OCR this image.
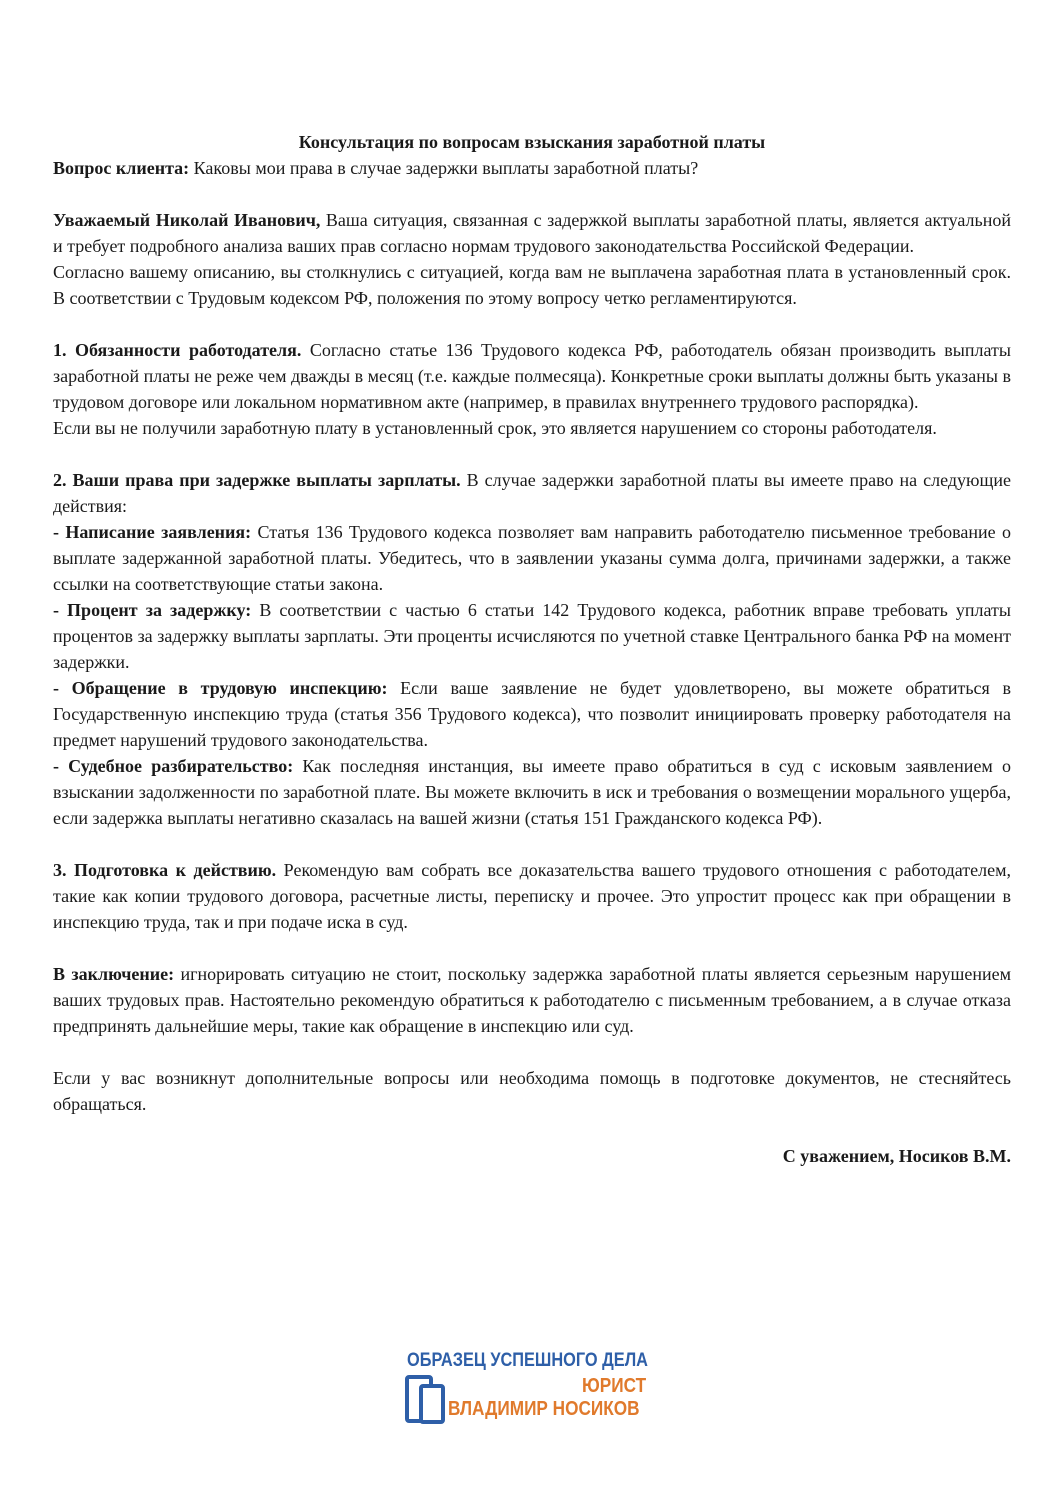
Консультация по вопросам взыскания заработной платы

Вопрос клиента: Каковы мои права в случае задержки выплаты заработной платы?

Уважаемый Николай Иванович, Ваша ситуация, связанная с задержкой выплаты заработной платы, является актуальной и требует подробного анализа ваших прав согласно нормам трудового законодательства Российской Федерации.

Согласно вашему описанию, вы столкнулись с ситуацией, когда вам не выплачена заработная плата в установленный срок. В соответствии с Трудовым кодексом РФ, положения по этому вопросу четко регламентируются.

1. Обязанности работодателя. Согласно статье 136 Трудового кодекса РФ, работодатель обязан производить выплаты заработной платы не реже чем дважды в месяц (т.е. каждые полмесяца). Конкретные сроки выплаты должны быть указаны в трудовом договоре или локальном нормативном акте (например, в правилах внутреннего трудового распорядка).

Если вы не получили заработную плату в установленный срок, это является нарушением со стороны работодателя.

2. Ваши права при задержке выплаты зарплаты. В случае задержки заработной платы вы имеете право на следующие действия:

- Написание заявления: Статья 136 Трудового кодекса позволяет вам направить работодателю письменное требование о выплате задержанной заработной платы. Убедитесь, что в заявлении указаны сумма долга, причинами задержки, а также ссылки на соответствующие статьи закона.

- Процент за задержку: В соответствии с частью 6 статьи 142 Трудового кодекса, работник вправе требовать уплаты процентов за задержку выплаты зарплаты. Эти проценты исчисляются по учетной ставке Центрального банка РФ на момент задержки.

- Обращение в трудовую инспекцию: Если ваше заявление не будет удовлетворено, вы можете обратиться в Государственную инспекцию труда (статья 356 Трудового кодекса), что позволит инициировать проверку работодателя на предмет нарушений трудового законодательства.

- Судебное разбирательство: Как последняя инстанция, вы имеете право обратиться в суд с исковым заявлением о взыскании задолженности по заработной плате. Вы можете включить в иск и требования о возмещении морального ущерба, если задержка выплаты негативно сказалась на вашей жизни (статья 151 Гражданского кодекса РФ).

3. Подготовка к действию. Рекомендую вам собрать все доказательства вашего трудового отношения с работодателем, такие как копии трудового договора, расчетные листы, переписку и прочее. Это упростит процесс как при обращении в инспекцию труда, так и при подаче иска в суд.

В заключение: игнорировать ситуацию не стоит, поскольку задержка заработной платы является серьезным нарушением ваших трудовых прав. Настоятельно рекомендую обратиться к работодателю с письменным требованием, а в случае отказа предпринять дальнейшие меры, такие как обращение в инспекцию или суд.

Если у вас возникнут дополнительные вопросы или необходима помощь в подготовке документов, не стесняйтесь обращаться.

С уважением, Носиков В.М.

ОБРАЗЕЦ УСПЕШНОГО ДЕЛА
ЮРИСТ
ВЛАДИМИР НОСИКОВ
